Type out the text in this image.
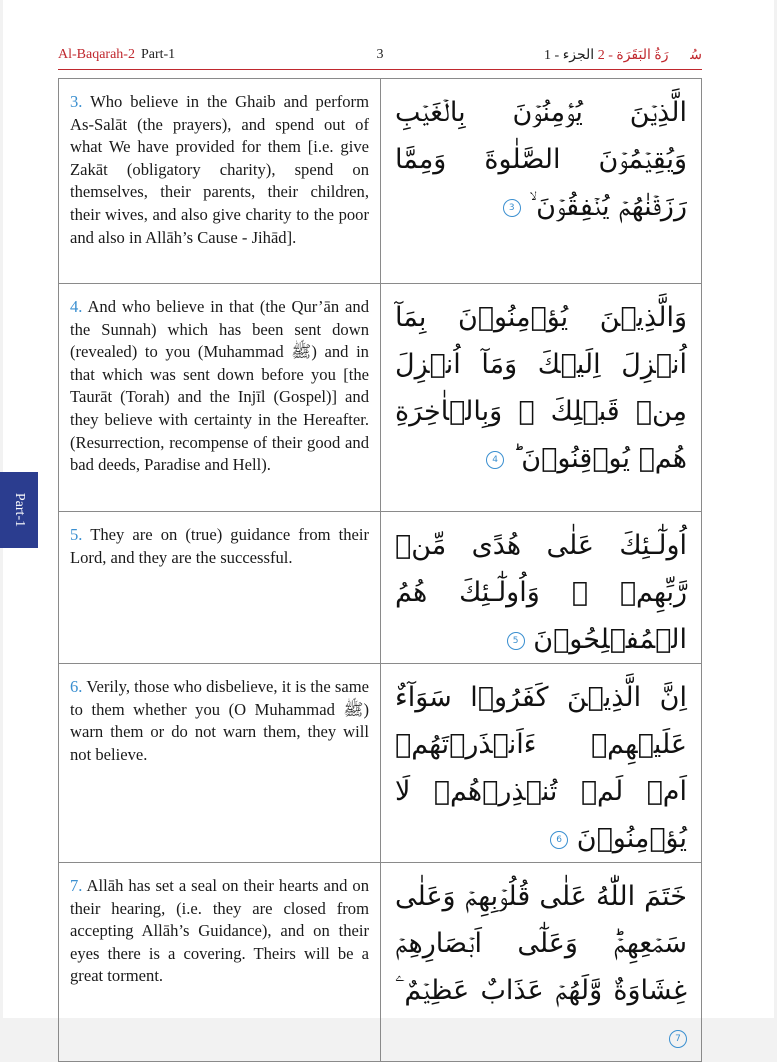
Al-Baqarah-2 Part-1	3	سُوۡرَةُ البَقَرَة - 2 الجزء - 1
3. Who believe in the Ghaib and perform As-Salāt (the prayers), and spend out of what We have provided for them [i.e. give Zakāt (obligatory charity), spend on themselves, their parents, their children, their wives, and also give charity to the poor and also in Allāh’s Cause - Jihād].	الَّذِيۡنَ يُؤۡمِنُوۡنَ بِالۡغَيۡبِ وَيُقِيۡمُوۡنَ الصَّلٰوةَ وَمِمَّا رَزَقۡنٰهُمۡ يُنۡفِقُوۡنَ ۙ 3

4. And who believe in that (the Qur’ān and the Sunnah) which has been sent down (revealed) to you (Muhammad ﷺ) and in that which was sent down before you [the Taurāt (Torah) and the Injīl (Gospel)] and they believe with certainty in the Hereafter. (Resurrection, recompense of their good and bad deeds, Paradise and Hell).	وَالَّذِيۡنَ يُؤۡمِنُوۡنَ بِمَآ اُنۡزِلَ اِلَيۡكَ وَمَآ اُنۡزِلَ مِنۡ قَبۡلِكَ ۚ وَبِالۡاٰخِرَةِ هُمۡ يُوۡقِنُوۡنَ ؕ 4

5. They are on (true) guidance from their Lord, and they are the successful.	اُولٰٓـئِكَ عَلٰى هُدًى مِّنۡ رَّبِّهِمۡ ۚ وَاُولٰٓـئِكَ هُمُ الۡمُفۡلِحُوۡنَ 5

6. Verily, those who disbelieve, it is the same to them whether you (O Muhammad ﷺ) warn them or do not warn them, they will not believe.	اِنَّ الَّذِيۡنَ كَفَرُوۡا سَوَآءٌ عَلَيۡهِمۡ ءَاَنۡذَرۡتَهُمۡ اَمۡ لَمۡ تُنۡذِرۡهُمۡ لَا يُؤۡمِنُوۡنَ 6

7. Allāh has set a seal on their hearts and on their hearing, (i.e. they are closed from accepting Allāh’s Guidance), and on their eyes there is a covering. Theirs will be a great torment.	خَتَمَ اللّٰهُ عَلٰى قُلُوۡبِهِمۡ وَعَلٰى سَمۡعِهِمۡ‌ؕ وَعَلٰٓى اَبۡصَارِهِمۡ غِشَاوَةٌ وَّلَهُمۡ عَذَابٌ عَظِيۡمٌ ۧ 7
Part-1
